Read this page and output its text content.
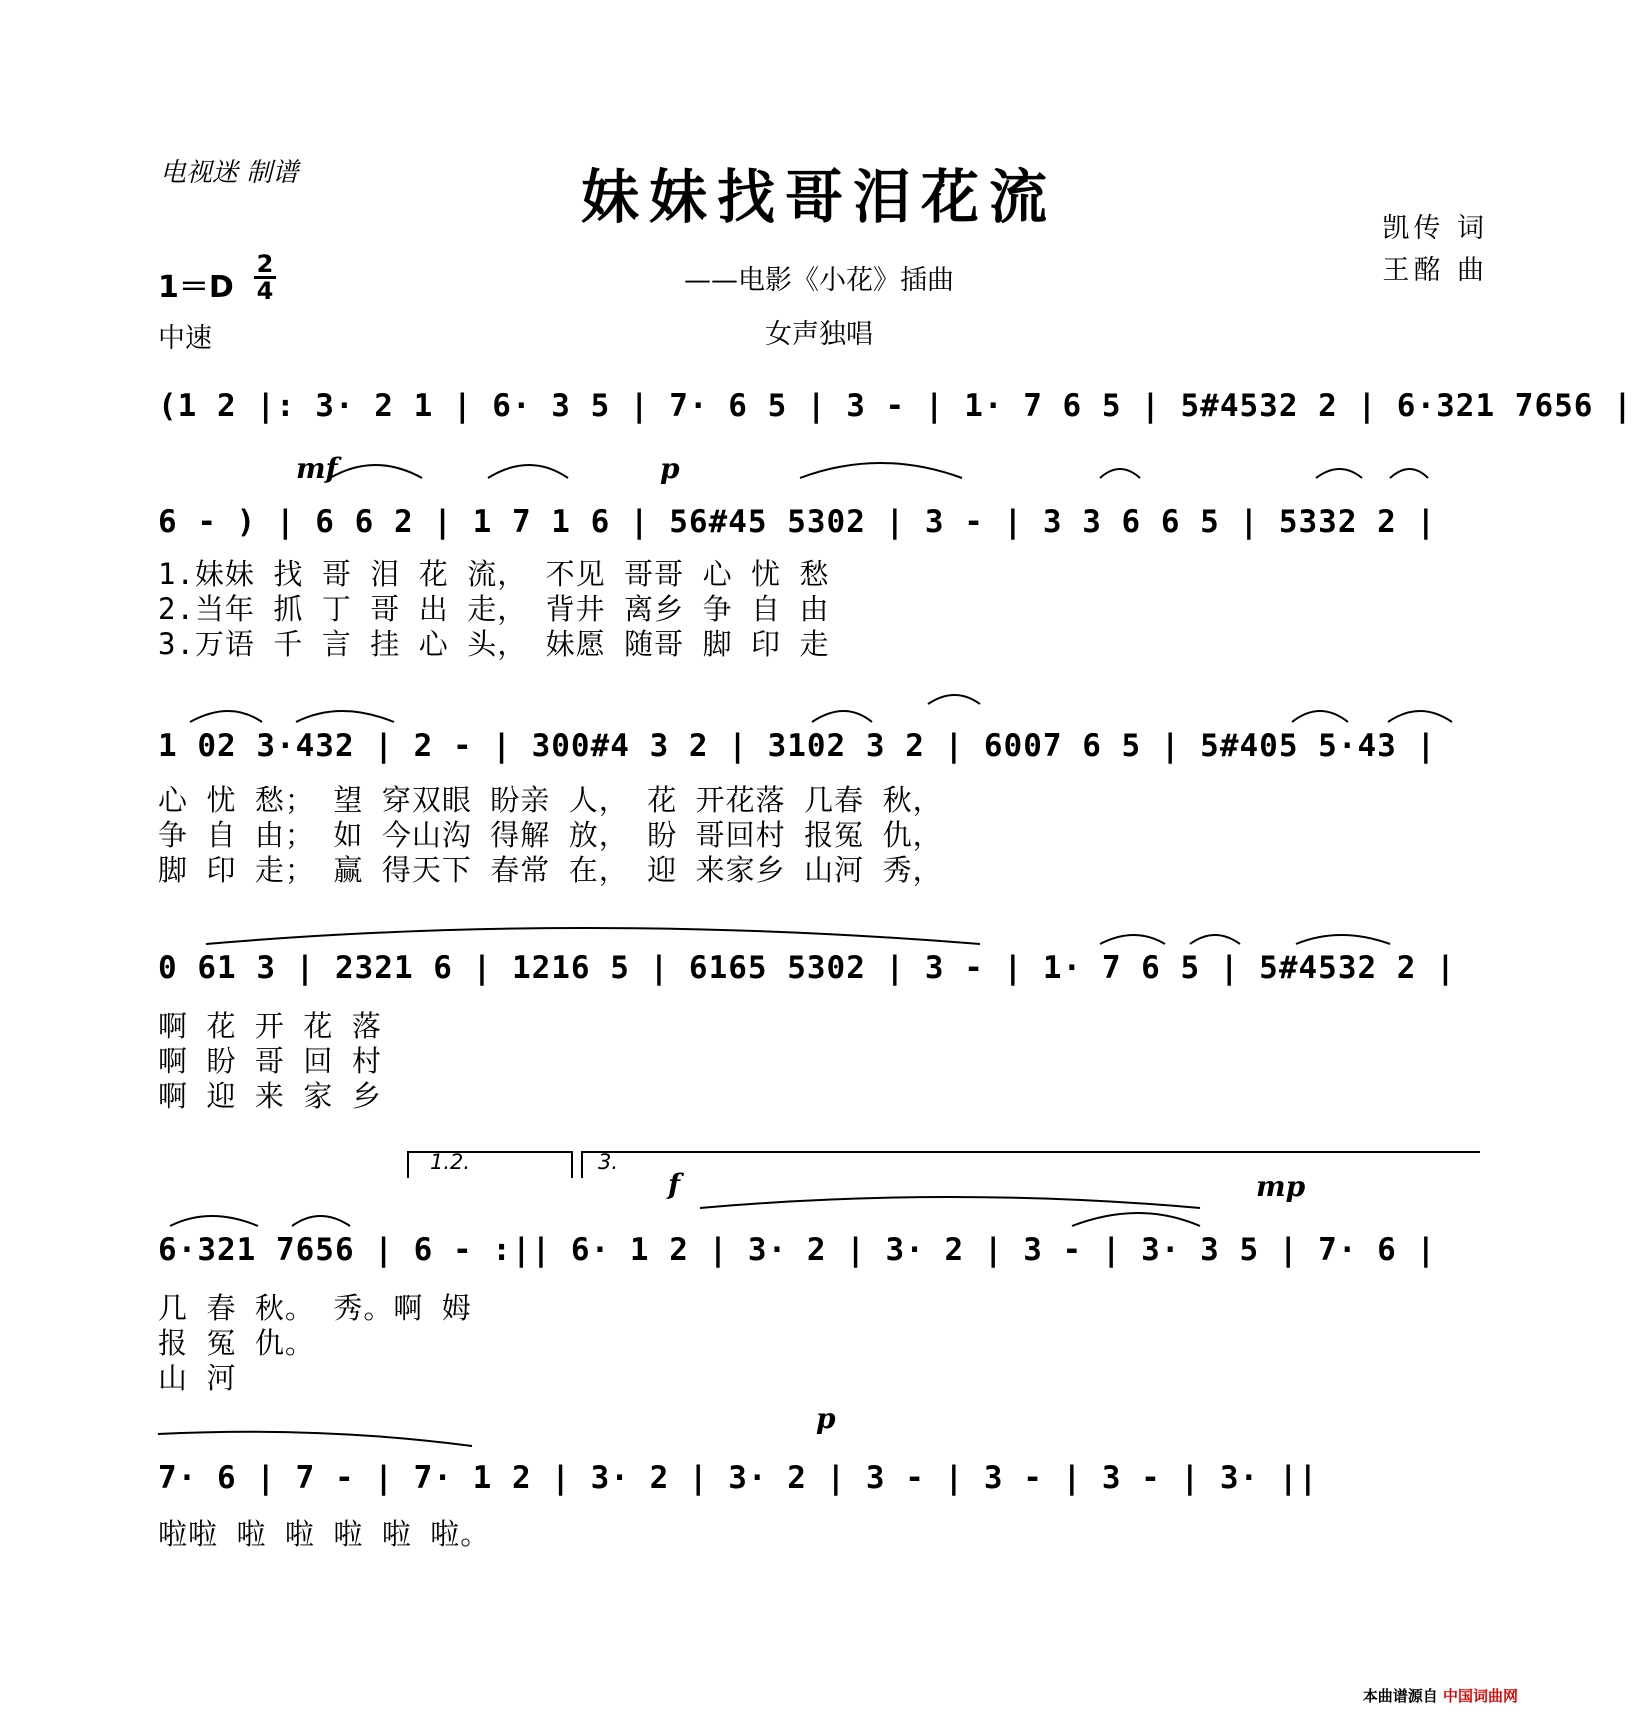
电视迷 制谱	妹妹找哥泪花流
——电影《小花》插曲
女声独唱
凯传 词
王酩 曲
1＝D
2
4
中速
mf	p
f	mp
p
1.2.	3.
(1 2 |: 3· 2 1 | 6· 3 5 | 7· 6 5 | 3 - | 1· 7 6 5 | 5#4532 2 | 6·321 7656 |
6 - ) | 6 6 2 | 1 7 1 6 | 56#45 5302 | 3 - | 3 3 6 6 5 | 5332 2 |
1.妹妹 找 哥 泪 花 流， 不见 哥哥 心 忧 愁
2.当年 抓 丁 哥 出 走， 背井 离乡 争 自 由
3.万语 千 言 挂 心 头， 妹愿 随哥 脚 印 走
1 02 3·432 | 2 - | 300#4 3 2 | 3102 3 2 | 6007 6 5 | 5#405 5·43 |
心 忧 愁； 望 穿双眼 盼亲 人， 花 开花落 几春 秋，
争 自 由； 如 今山沟 得解 放， 盼 哥回村 报冤 仇，
脚 印 走； 赢 得天下 春常 在， 迎 来家乡 山河 秀，
0 61 3 | 2321 6 | 1216 5 | 6165 5302 | 3 - | 1· 7 6 5 | 5#4532 2 |
啊 花 开 花 落
啊 盼 哥 回 村
啊 迎 来 家 乡
6·321 7656 | 6 - :|| 6· 1 2 | 3· 2 | 3· 2 | 3 - | 3· 3 5 | 7· 6 |
几 春 秋。 秀。啊 姆
报 冤 仇。
山 河
7· 6 | 7 - | 7· 1 2 | 3· 2 | 3· 2 | 3 - | 3 - | 3 - | 3· ||
啦啦 啦 啦 啦 啦 啦。
本曲谱源自 中国词曲网
